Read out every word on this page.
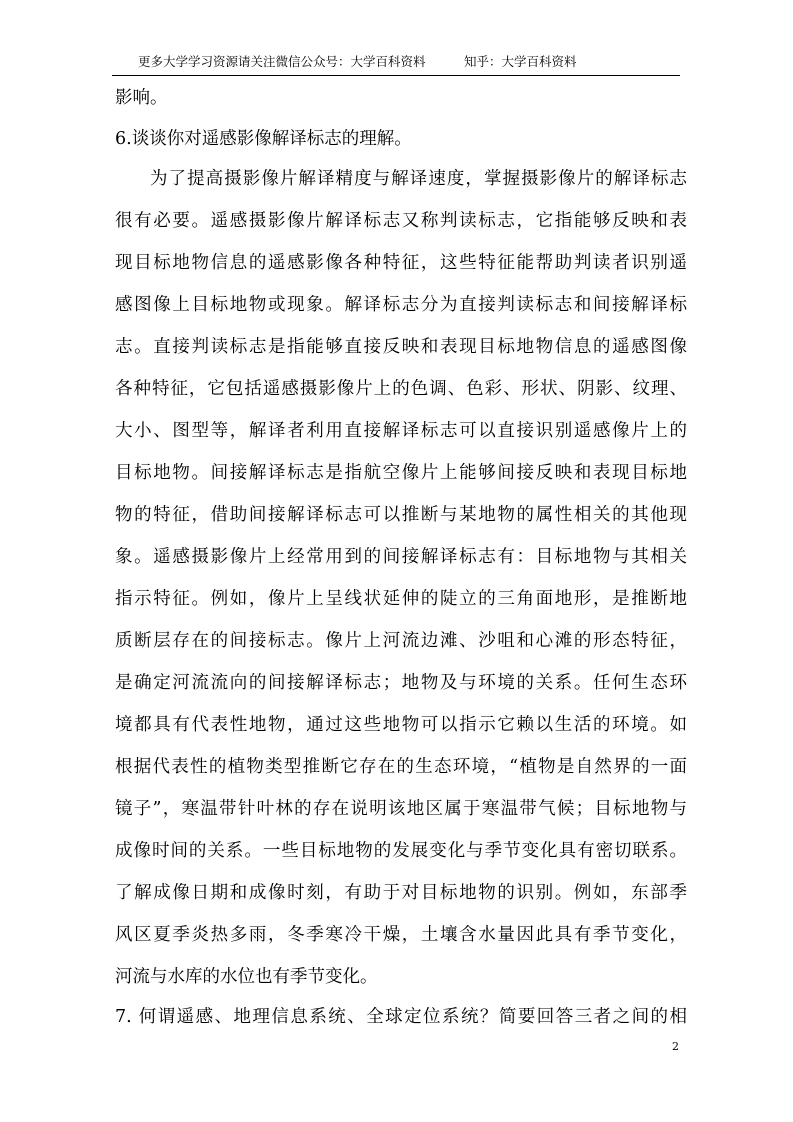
更多大学学习资源请关注微信公众号：大学百科资料	知乎：大学百科资料
影响。
6.谈谈你对遥感影像解译标志的理解。
为了提高摄影像片解译精度与解译速度，掌握摄影像片的解译标志
很有必要。遥感摄影像片解译标志又称判读标志，它指能够反映和表
现目标地物信息的遥感影像各种特征，这些特征能帮助判读者识别遥
感图像上目标地物或现象。解译标志分为直接判读标志和间接解译标
志。直接判读标志是指能够直接反映和表现目标地物信息的遥感图像
各种特征，它包括遥感摄影像片上的色调、色彩、形状、阴影、纹理、
大小、图型等，解译者利用直接解译标志可以直接识别遥感像片上的
目标地物。间接解译标志是指航空像片上能够间接反映和表现目标地
物的特征，借助间接解译标志可以推断与某地物的属性相关的其他现
象。遥感摄影像片上经常用到的间接解译标志有：目标地物与其相关
指示特征。例如，像片上呈线状延伸的陡立的三角面地形，是推断地
质断层存在的间接标志。像片上河流边滩、沙咀和心滩的形态特征，
是确定河流流向的间接解译标志；地物及与环境的关系。任何生态环
境都具有代表性地物，通过这些地物可以指示它赖以生活的环境。如
根据代表性的植物类型推断它存在的生态环境，“植物是自然界的一面
镜子”，寒温带针叶林的存在说明该地区属于寒温带气候；目标地物与
成像时间的关系。一些目标地物的发展变化与季节变化具有密切联系。
了解成像日期和成像时刻，有助于对目标地物的识别。例如，东部季
风区夏季炎热多雨，冬季寒冷干燥，土壤含水量因此具有季节变化，
河流与水库的水位也有季节变化。
7. 何谓遥感、地理信息系统、全球定位系统？简要回答三者之间的相
2
